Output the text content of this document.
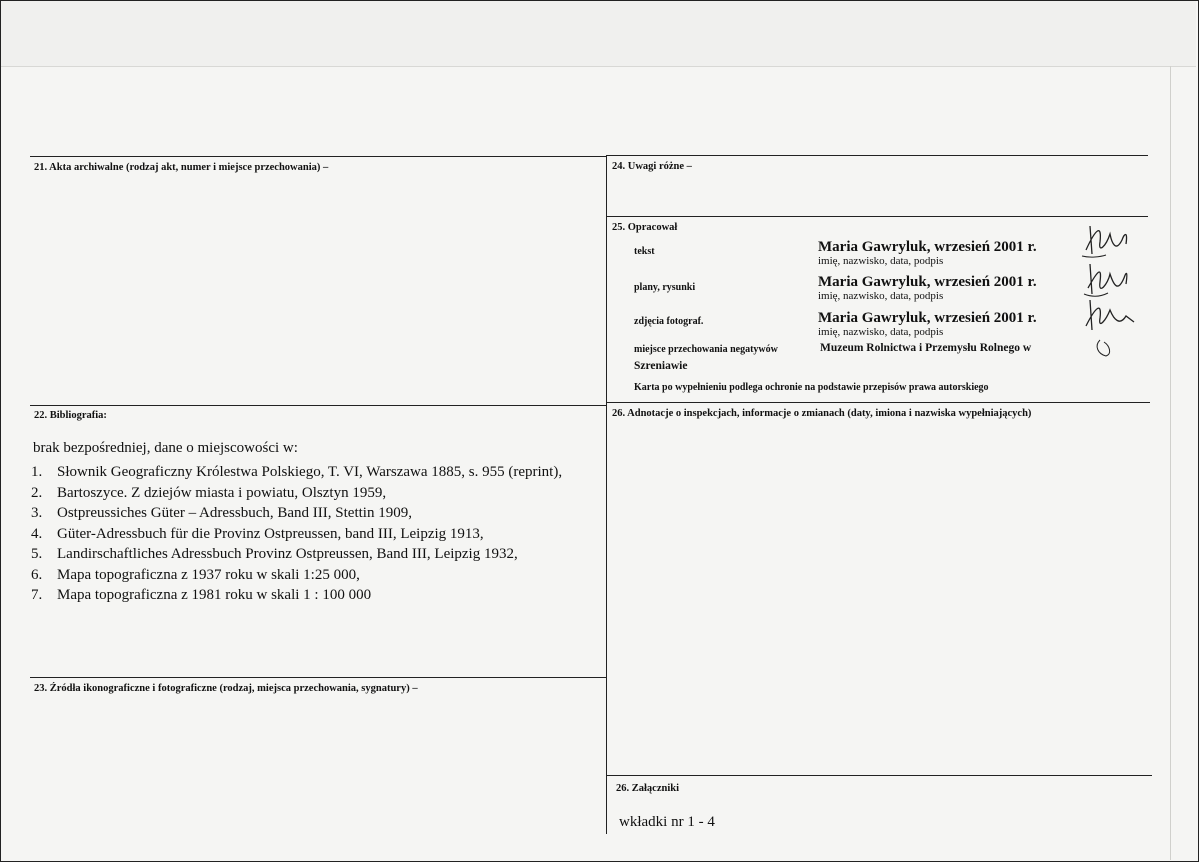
21. Akta archiwalne (rodzaj akt, numer i miejsce przechowania) –	24. Uwagi różne –
25. Opracował
tekst	Maria Gawryluk, wrzesień 2001 r.
imię, nazwisko, data, podpis
plany, rysunki	Maria Gawryluk, wrzesień 2001 r.
imię, nazwisko, data, podpis
zdjęcia fotograf.	Maria Gawryluk, wrzesień 2001 r.
imię, nazwisko, data, podpis
miejsce przechowania negatywów	Muzeum Rolnictwa i Przemysłu Rolnego w
Szreniawie
Karta po wypełnieniu podlega ochronie na podstawie przepisów prawa autorskiego
22. Bibliografia:
brak bezpośredniej, dane o miejscowości w:
1. Słownik Geograficzny Królestwa Polskiego, T. VI, Warszawa 1885, s. 955 (reprint),
2. Bartoszyce. Z dziejów miasta i powiatu, Olsztyn 1959,
3. Ostpreussiches Güter – Adressbuch, Band III, Stettin 1909,
4. Güter-Adressbuch für die Provinz Ostpreussen, band III, Leipzig 1913,
5. Landirschaftliches Adressbuch Provinz Ostpreussen, Band III, Leipzig 1932,
6. Mapa topograficzna z 1937 roku w skali 1:25 000,
7. Mapa topograficzna z 1981 roku w skali 1 : 100 000
26. Adnotacje o inspekcjach, informacje o zmianach (daty, imiona i nazwiska wypełniających)
23. Źródła ikonograficzne i fotograficzne (rodzaj, miejsca przechowania, sygnatury) –
26. Załączniki
wkładki nr 1 - 4
